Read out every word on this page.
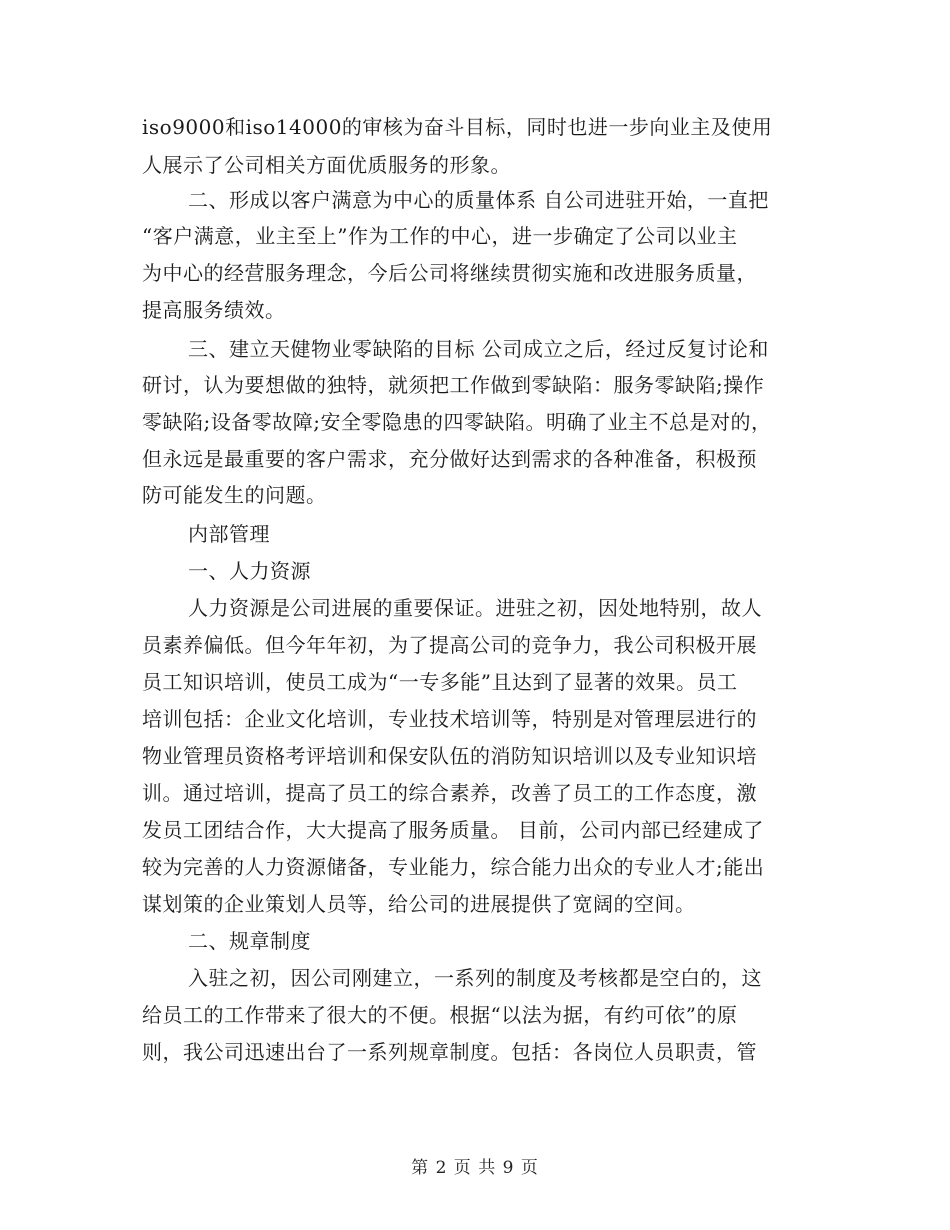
iso9000和iso14000的审核为奋斗目标，同时也进一步向业主及使用
人展示了公司相关方面优质服务的形象。
二、形成以客户满意为中心的质量体系 自公司进驻开始，一直把
“客户满意，业主至上”作为工作的中心，进一步确定了公司以业主
为中心的经营服务理念，今后公司将继续贯彻实施和改进服务质量，
提高服务绩效。
三、建立天健物业零缺陷的目标 公司成立之后，经过反复讨论和
研讨，认为要想做的独特，就须把工作做到零缺陷：服务零缺陷;操作
零缺陷;设备零故障;安全零隐患的四零缺陷。明确了业主不总是对的，
但永远是最重要的客户需求，充分做好达到需求的各种准备，积极预
防可能发生的问题。
内部管理
一、人力资源
人力资源是公司进展的重要保证。进驻之初，因处地特别，故人
员素养偏低。但今年年初，为了提高公司的竞争力，我公司积极开展
员工知识培训，使员工成为“一专多能”且达到了显著的效果。员工
培训包括：企业文化培训，专业技术培训等，特别是对管理层进行的
物业管理员资格考评培训和保安队伍的消防知识培训以及专业知识培
训。通过培训，提高了员工的综合素养，改善了员工的工作态度，激
发员工团结合作，大大提高了服务质量。 目前，公司内部已经建成了
较为完善的人力资源储备，专业能力，综合能力出众的专业人才;能出
谋划策的企业策划人员等，给公司的进展提供了宽阔的空间。
二、规章制度
入驻之初，因公司刚建立，一系列的制度及考核都是空白的，这
给员工的工作带来了很大的不便。根据“以法为据，有约可依”的原
则，我公司迅速出台了一系列规章制度。包括：各岗位人员职责，管
第 2 页 共 9 页
